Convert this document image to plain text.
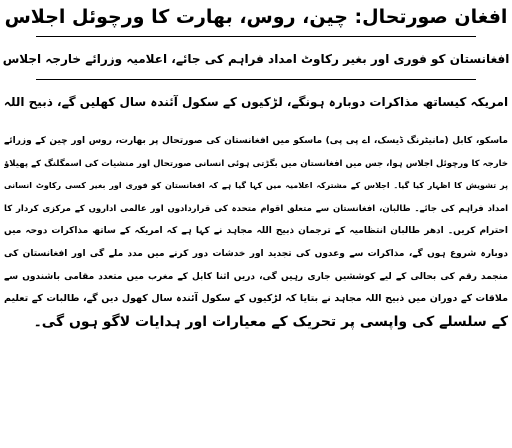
افغان صورتحال: چین، روس، بھارت کا ورچوئل اجلاس
افغانستان کو فوری اور بغیر رکاوٹ امداد فراہم کی جائے، اعلامیہ وزرائے خارجہ اجلاس
امریکہ کیساتھ مذاکرات دوبارہ ہونگے، لڑکیوں کے سکول آئندہ سال کھلیں گے، ذبیح اللہ
ماسکو، کابل (مانیٹرنگ ڈیسک، اے پی پی) ماسکو میں افغانستان کی صورتحال پر بھارت، روس اور چین کے وزرائے
خارجہ کا ورچوئل اجلاس ہوا، جس میں افغانستان میں بگڑتی ہوئی انسانی صورتحال اور منشیات کی اسمگلنگ کے پھیلاؤ
پر تشویش کا اظہار کیا گیا۔ اجلاس کے مشترکہ اعلامیہ میں کہا گیا ہے کہ افغانستان کو فوری اور بغیر کسی رکاوٹ انسانی
امداد فراہم کی جائے۔ طالبان، افغانستان سے متعلق اقوام متحدہ کی قراردادوں اور عالمی اداروں کے مرکزی کردار کا
احترام کریں۔ ادھر طالبان انتظامیہ کے ترجمان ذبیح اللہ مجاہد نے کہا ہے کہ امریکہ کے ساتھ مذاکرات دوحہ میں
دوبارہ شروع ہوں گے، مذاکرات سے وعدوں کی تجدید اور خدشات دور کرنے میں مدد ملے گی اور افغانستان کی
منجمد رقم کی بحالی کے لیے کوششیں جاری رہیں گی، دریں اثنا کابل کے مغرب میں متعدد مقامی باشندوں سے
ملاقات کے دوران میں ذبیح اللہ مجاہد نے بتایا کہ لڑکیوں کے سکول آئندہ سال کھول دیں گے، طالبات کے تعلیم
کے سلسلے کی واپسی پر تحریک کے معیارات اور ہدایات لاگو ہوں گی۔
